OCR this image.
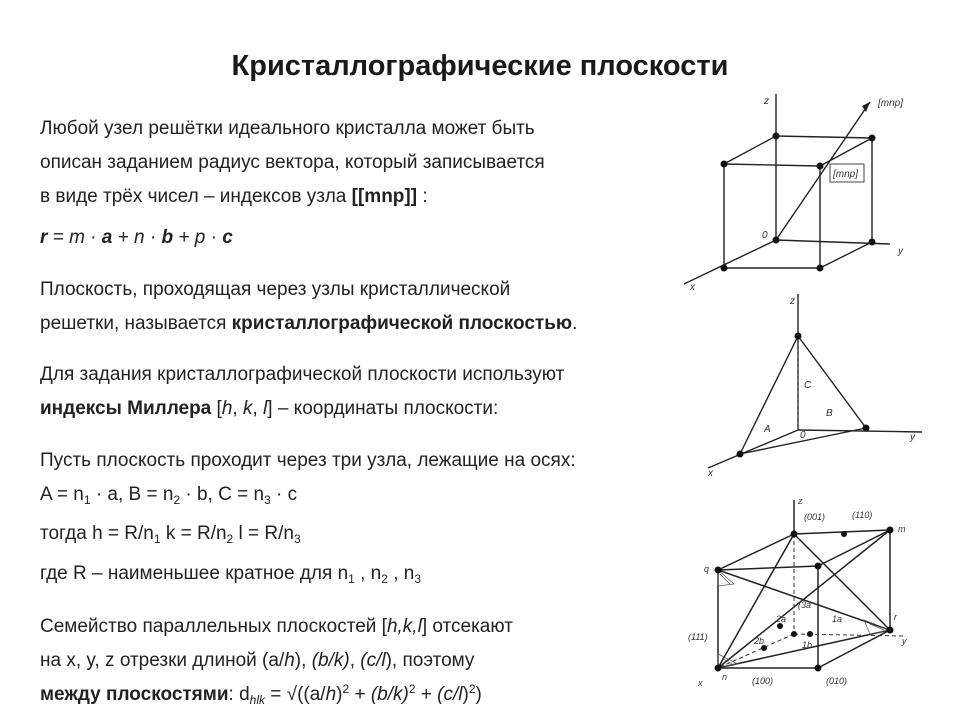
Кристаллографические плоскости
Любой узел решётки идеального кристалла может быть
описан заданием радиус вектора, который записывается
в виде трёх чисел – индексов узла [[mnp]] :
r = m · a + n · b + p · c
Плоскость, проходящая через узлы кристаллической
решетки, называется кристаллографической плоскостью.
Для задания кристаллографической плоскости используют
индексы Миллера [h, k, l] – координаты плоскости:
Пусть плоскость проходит через три узла, лежащие на осях:
$A = n_1 \cdot a$, $B = n_2 \cdot b$, $C = n_3 \cdot c$
тогда $h = R/n_1$ $k = R/n_2$ $l = R/n_3$
где R – наименьшее кратное для $n_1$ , $n_2$ , $n_3$
Семейство параллельных плоскостей [h,k,l] отсекают
на x, y, z отрезки длиной (a/h), (b/k), (c/l), поэтому
между плоскостями: $d_{hlk} = √((a/h)^2 + (b/k)^2 + (c/l)^2)$
z
y
x
0
[mnp]
[mnp]
z
y
x
0
A
B
C
z
y
x
(001)	(110)
(111)
(100)	(010)
q
m
r
n
(3a
2a	1a
1b
2b
